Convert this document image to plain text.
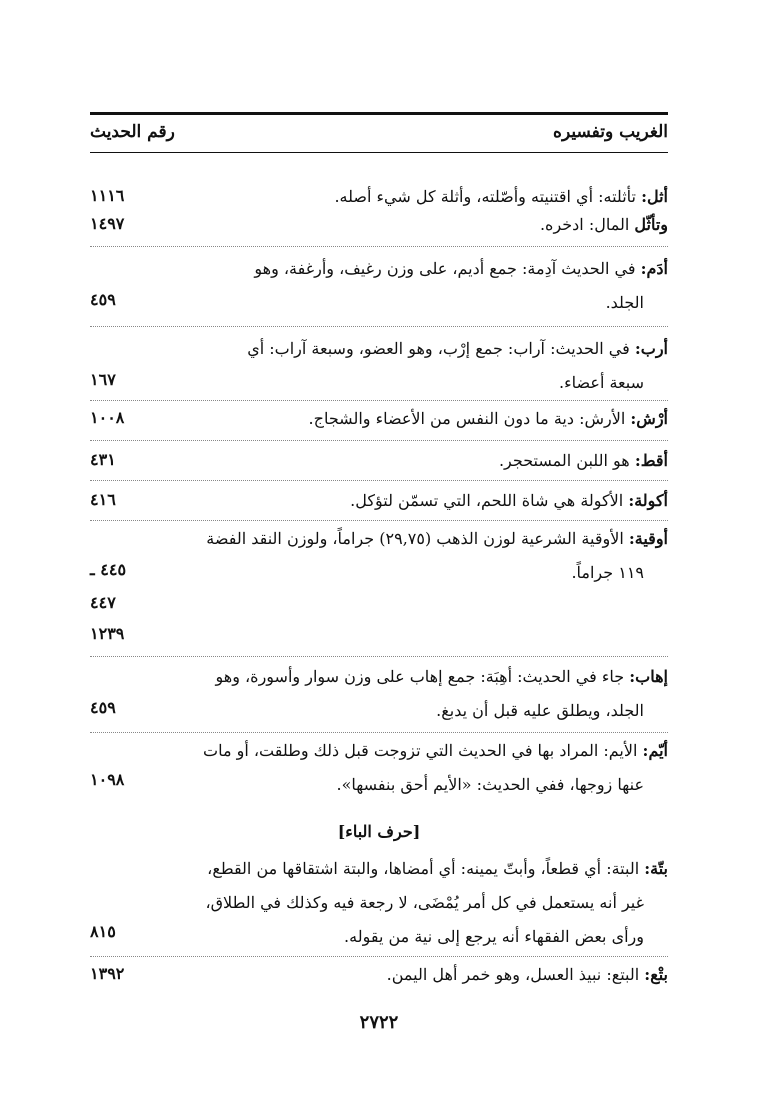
الغريب وتفسيره
رقم الحديث
أثل: تأثلته: أي اقتنيته وأصّلته، وأثلة كل شيء أصله.
١١١٦
وتأثّل المال: ادخره.
١٤٩٧
أدَم: في الحديث آدِمة: جمع أديم، على وزن رغيف، وأرغفة، وهو
الجلد.
٤٥٩
أرب: في الحديث: آراب: جمع إرْب، وهو العضو، وسبعة آراب: أي
سبعة أعضاء.
١٦٧
أرْش: الأرش: دية ما دون النفس من الأعضاء والشجاج.
١٠٠٨
أقط: هو اللبن المستحجر.
٤٣١
أكولة: الأكولة هي شاة اللحم، التي تسمّن لتؤكل.
٤١٦
أوقية: الأوقية الشرعية لوزن الذهب (٢٩,٧٥) جراماً، ولوزن النقد الفضة
١١٩ جراماً.
٤٤٥ ـ
٤٤٧
١٢٣٩
إهاب: جاء في الحديث: أهِبَة: جمع إهاب على وزن سوار وأسورة، وهو
الجلد، ويطلق عليه قبل أن يدبغ.
٤٥٩
أيّم: الأيم: المراد بها في الحديث التي تزوجت قبل ذلك وطلقت، أو مات
عنها زوجها، ففي الحديث: «الأيم أحق بنفسها».
١٠٩٨
[حرف الباء]
بتّة: البتة: أي قطعاً، وأبتّ يمينه: أي أمضاها، والبتة اشتقاقها من القطع،
غير أنه يستعمل في كل أمر يُمْضَى، لا رجعة فيه وكذلك في الطلاق،
ورأى بعض الفقهاء أنه يرجع إلى نية من يقوله.
٨١٥
بتْع: البتع: نبيذ العسل، وهو خمر أهل اليمن.
١٣٩٢
٢٧٢٢
